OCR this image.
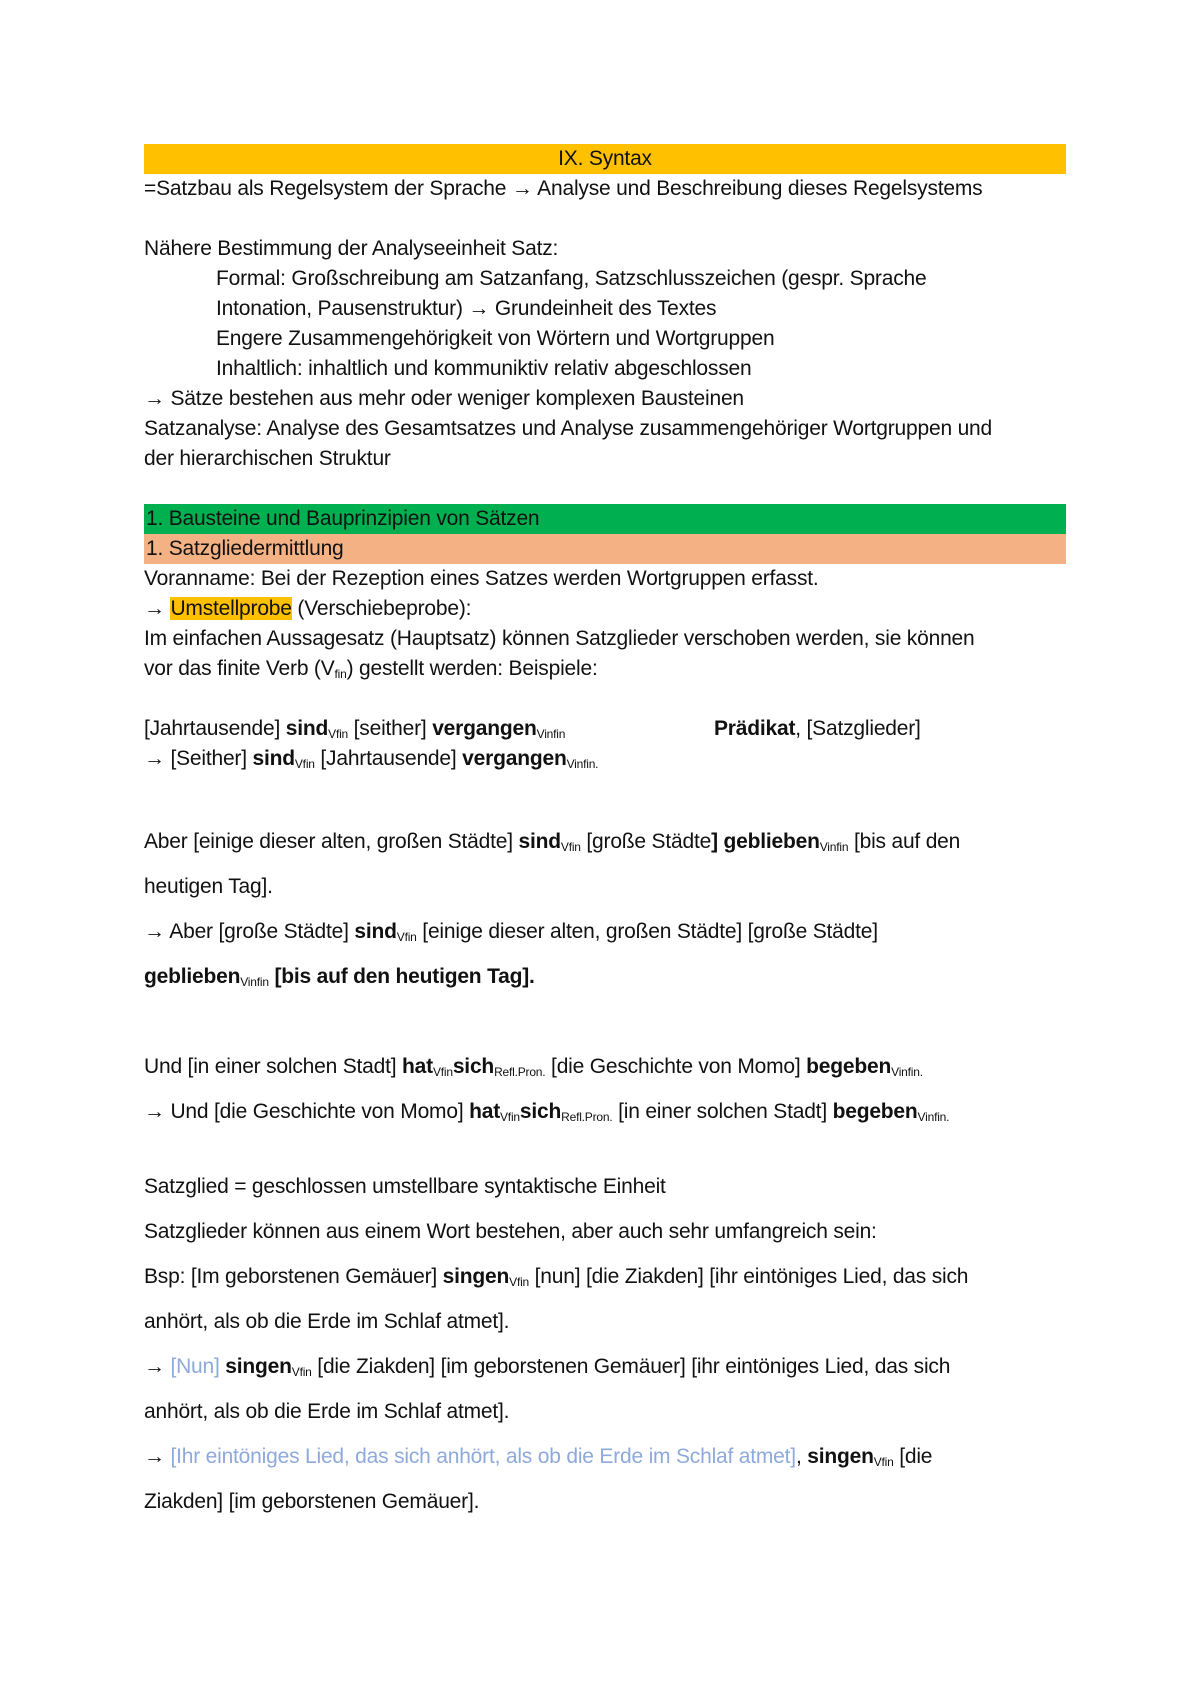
IX. Syntax
=Satzbau als Regelsystem der Sprache → Analyse und Beschreibung dieses Regelsystems
Nähere Bestimmung der Analyseeinheit Satz:
Formal: Großschreibung am Satzanfang, Satzschlusszeichen (gespr. Sprache
Intonation, Pausenstruktur) → Grundeinheit des Textes
Engere Zusammengehörigkeit von Wörtern und Wortgruppen
Inhaltlich: inhaltlich und kommuniktiv relativ abgeschlossen
→ Sätze bestehen aus mehr oder weniger komplexen Bausteinen
Satzanalyse: Analyse des Gesamtsatzes und Analyse zusammengehöriger Wortgruppen und
der hierarchischen Struktur
1. Bausteine und Bauprinzipien von Sätzen
1. Satzgliedermittlung
Voranname: Bei der Rezeption eines Satzes werden Wortgruppen erfasst.
→ Umstellprobe (Verschiebeprobe):
Im einfachen Aussagesatz (Hauptsatz) können Satzglieder verschoben werden, sie können
vor das finite Verb $(V_{fin})$ gestellt werden: Beispiele:
[Jahrtausende] sind$_{Vfin}$ [seither] vergangen$_{Vinfin}$	Prädikat, [Satzglieder]
→ [Seither] sind$_{Vfin}$ [Jahrtausende] vergangen$_{Vinfin.}$
Aber [einige dieser alten, großen Städte] sind$_{Vfin}$ [große Städte] geblieben$_{Vinfin}$ [bis auf den
heutigen Tag].
→ Aber [große Städte] sind$_{Vfin}$ [einige dieser alten, großen Städte] [große Städte]
geblieben$_{Vinfin}$ [bis auf den heutigen Tag].
Und [in einer solchen Stadt] hat$_{Vfin}$sich$_{Refl.Pron.}$ [die Geschichte von Momo] begeben$_{Vinfin.}$
→ Und [die Geschichte von Momo] hat$_{Vfin}$sich$_{Refl.Pron.}$ [in einer solchen Stadt] begeben$_{Vinfin.}$
Satzglied = geschlossen umstellbare syntaktische Einheit
Satzglieder können aus einem Wort bestehen, aber auch sehr umfangreich sein:
Bsp: [Im geborstenen Gemäuer] singen$_{Vfin}$ [nun] [die Ziakden] [ihr eintöniges Lied, das sich
anhört, als ob die Erde im Schlaf atmet].
→ [Nun] singen$_{Vfin}$ [die Ziakden] [im geborstenen Gemäuer] [ihr eintöniges Lied, das sich
anhört, als ob die Erde im Schlaf atmet].
→ [Ihr eintöniges Lied, das sich anhört, als ob die Erde im Schlaf atmet], singen$_{Vfin}$ [die
Ziakden] [im geborstenen Gemäuer].
